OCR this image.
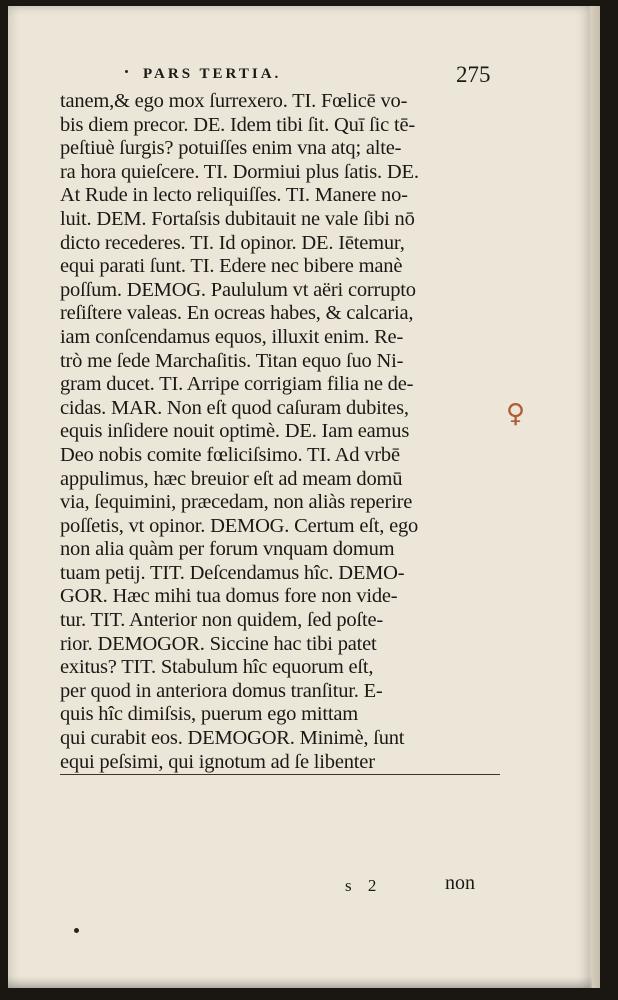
PARS TERTIA.	275
tanem,& ego mox ſurrexero. TI. Fœlicē vo-
bis diem precor. DE. Idem tibi ſit. Quī ſic tē-
peſtiuè ſurgis? potuiſſes enim vna atq; alte-
ra hora quieſcere. TI. Dormiui plus ſatis. DE.
At Rude in lecto reliquiſſes. TI. Manere no-
luit. DEM. Fortaſsis dubitauit ne vale ſibi nō
dicto recederes. TI. Id opinor. DE. Iētemur,
equi parati ſunt. TI. Edere nec bibere manè
poſſum. DEMOG. Paululum vt aëri corrupto
reſiſtere valeas. En ocreas habes, & calcaria,
iam conſcendamus equos, illuxit enim. Re-
trò me ſede Marchaſitis. Titan equo ſuo Ni-
gram ducet. TI. Arripe corrigiam filia ne de-
cidas. MAR. Non eſt quod caſuram dubites,
equis inſidere nouit optimè. DE. Iam eamus
Deo nobis comite fœliciſsimo. TI. Ad vrbē
appulimus, hæc breuior eſt ad meam domū
via, ſequimini, præcedam, non aliàs reperire
poſſetis, vt opinor. DEMOG. Certum eſt, ego
non alia quàm per forum vnquam domum
tuam petij. TIT. Deſcendamus hîc. DEMO-
GOR. Hæc mihi tua domus fore non vide-
tur. TIT. Anterior non quidem, ſed poſte-
rior. DEMOGOR. Siccine hac tibi patet
exitus? TIT. Stabulum hîc equorum eſt,
per quod in anteriora domus tranſitur. E-
quis hîc dimiſsis, puerum ego mittam
qui curabit eos. DEMOGOR. Minimè, ſunt
equi peſsimi, qui ignotum ad ſe libenter
♀
s 2	non
